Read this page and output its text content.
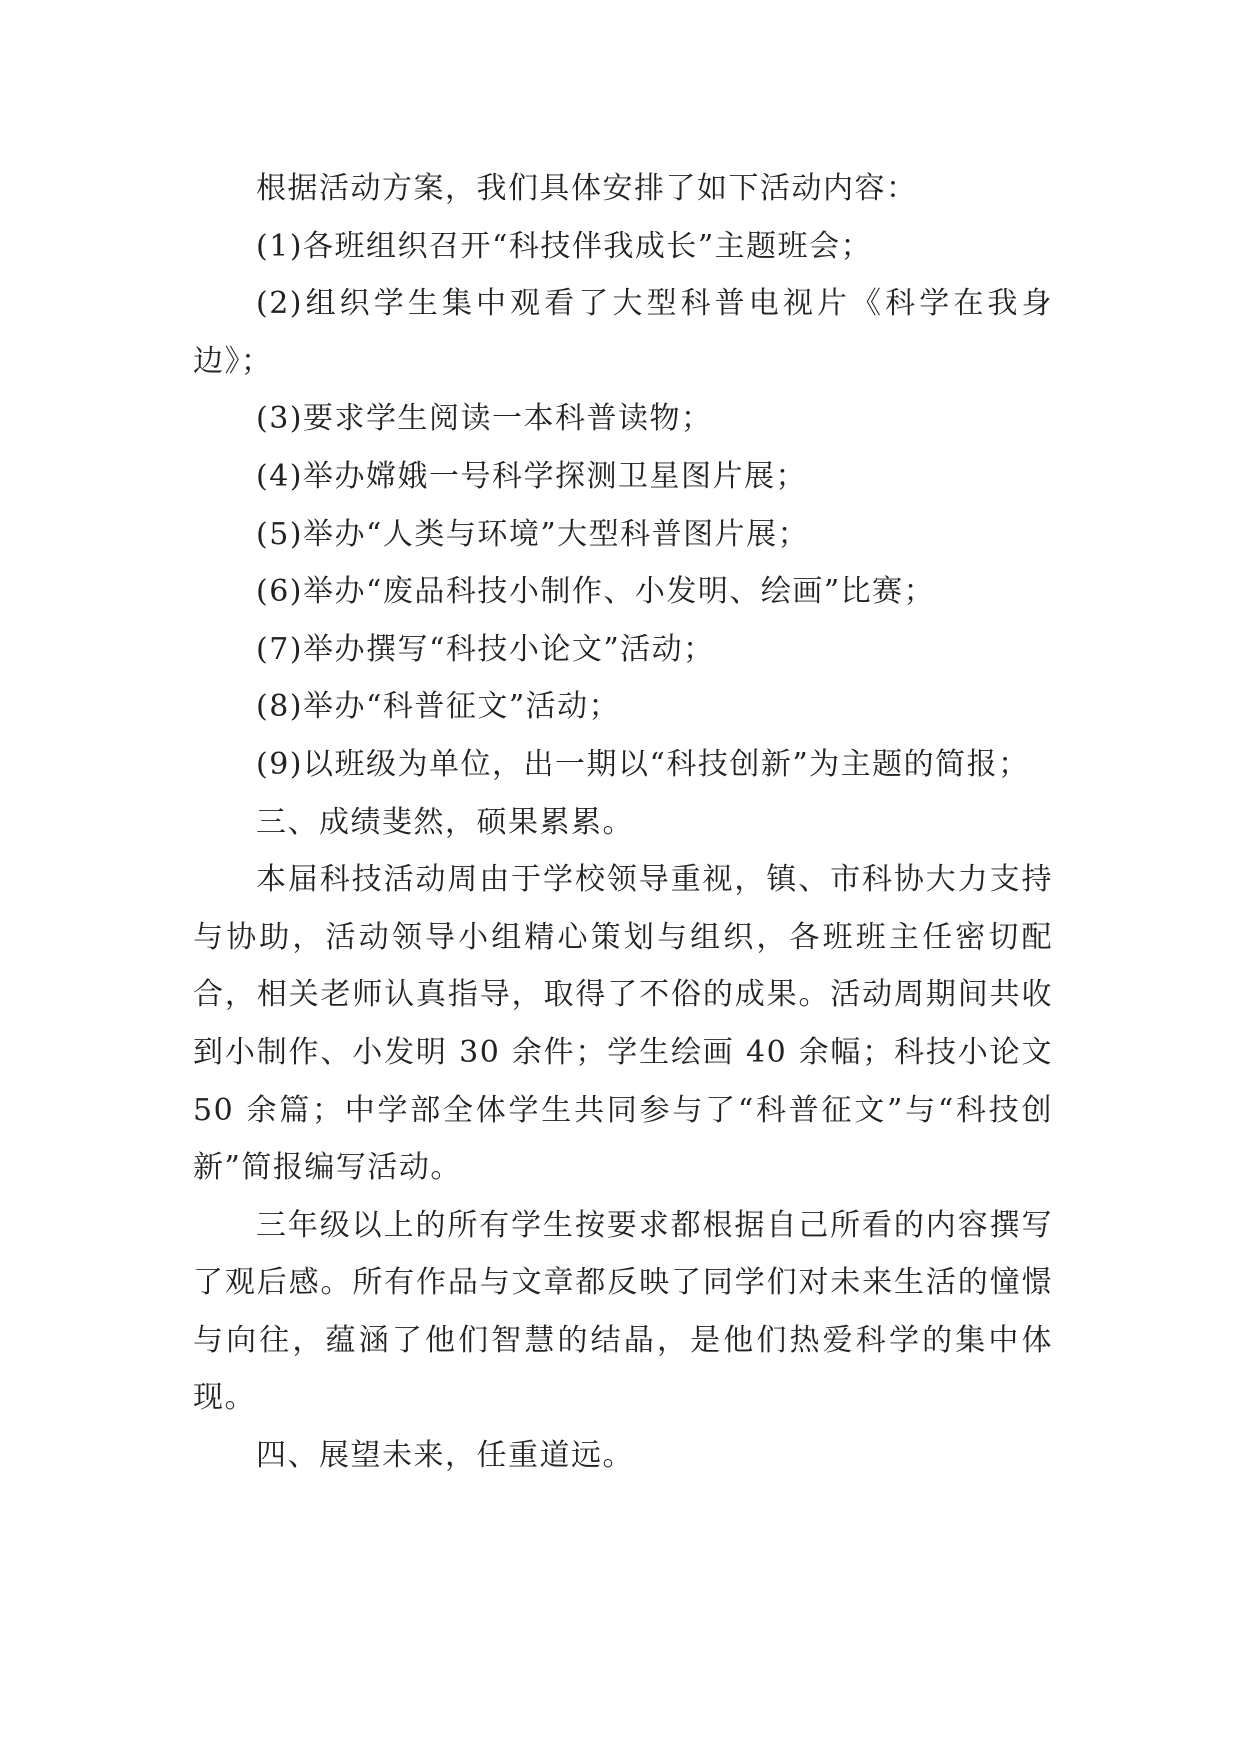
根据活动方案，我们具体安排了如下活动内容：

(1)各班组织召开“科技伴我成长”主题班会；

(2)组织学生集中观看了大型科普电视片《科学在我身边》；

(3)要求学生阅读一本科普读物；

(4)举办嫦娥一号科学探测卫星图片展；

(5)举办“人类与环境”大型科普图片展；

(6)举办“废品科技小制作、小发明、绘画”比赛；

(7)举办撰写“科技小论文”活动；

(8)举办“科普征文”活动；

(9)以班级为单位，出一期以“科技创新”为主题的简报；

三、成绩斐然，硕果累累。

本届科技活动周由于学校领导重视，镇、市科协大力支持与协助，活动领导小组精心策划与组织，各班班主任密切配合，相关老师认真指导，取得了不俗的成果。活动周期间共收到小制作、小发明 30 余件；学生绘画 40 余幅；科技小论文 50 余篇；中学部全体学生共同参与了“科普征文”与“科技创新”简报编写活动。

三年级以上的所有学生按要求都根据自己所看的内容撰写了观后感。所有作品与文章都反映了同学们对未来生活的憧憬与向往，蕴涵了他们智慧的结晶，是他们热爱科学的集中体现。

四、展望未来，任重道远。
